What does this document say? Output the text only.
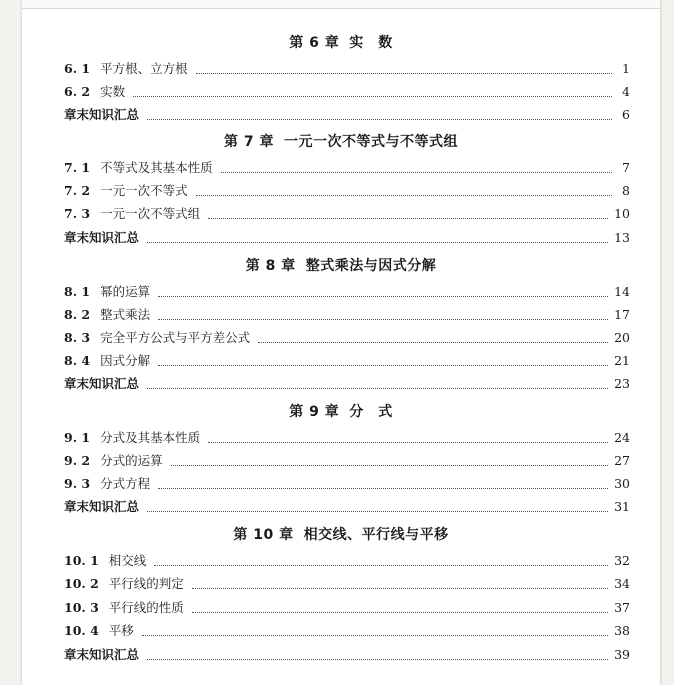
第 6 章 实　数
6. 1 平方根、立方根	1
6. 2 实数	4
章末知识汇总	6
第 7 章 一元一次不等式与不等式组
7. 1 不等式及其基本性质	7
7. 2 一元一次不等式	8
7. 3 一元一次不等式组	10
章末知识汇总	13
第 8 章 整式乘法与因式分解
8. 1 幂的运算	14
8. 2 整式乘法	17
8. 3 完全平方公式与平方差公式	20
8. 4 因式分解	21
章末知识汇总	23
第 9 章 分　式
9. 1 分式及其基本性质	24
9. 2 分式的运算	27
9. 3 分式方程	30
章末知识汇总	31
第 10 章 相交线、平行线与平移
10. 1 相交线	32
10. 2 平行线的判定	34
10. 3 平行线的性质	37
10. 4 平移	38
章末知识汇总	39
